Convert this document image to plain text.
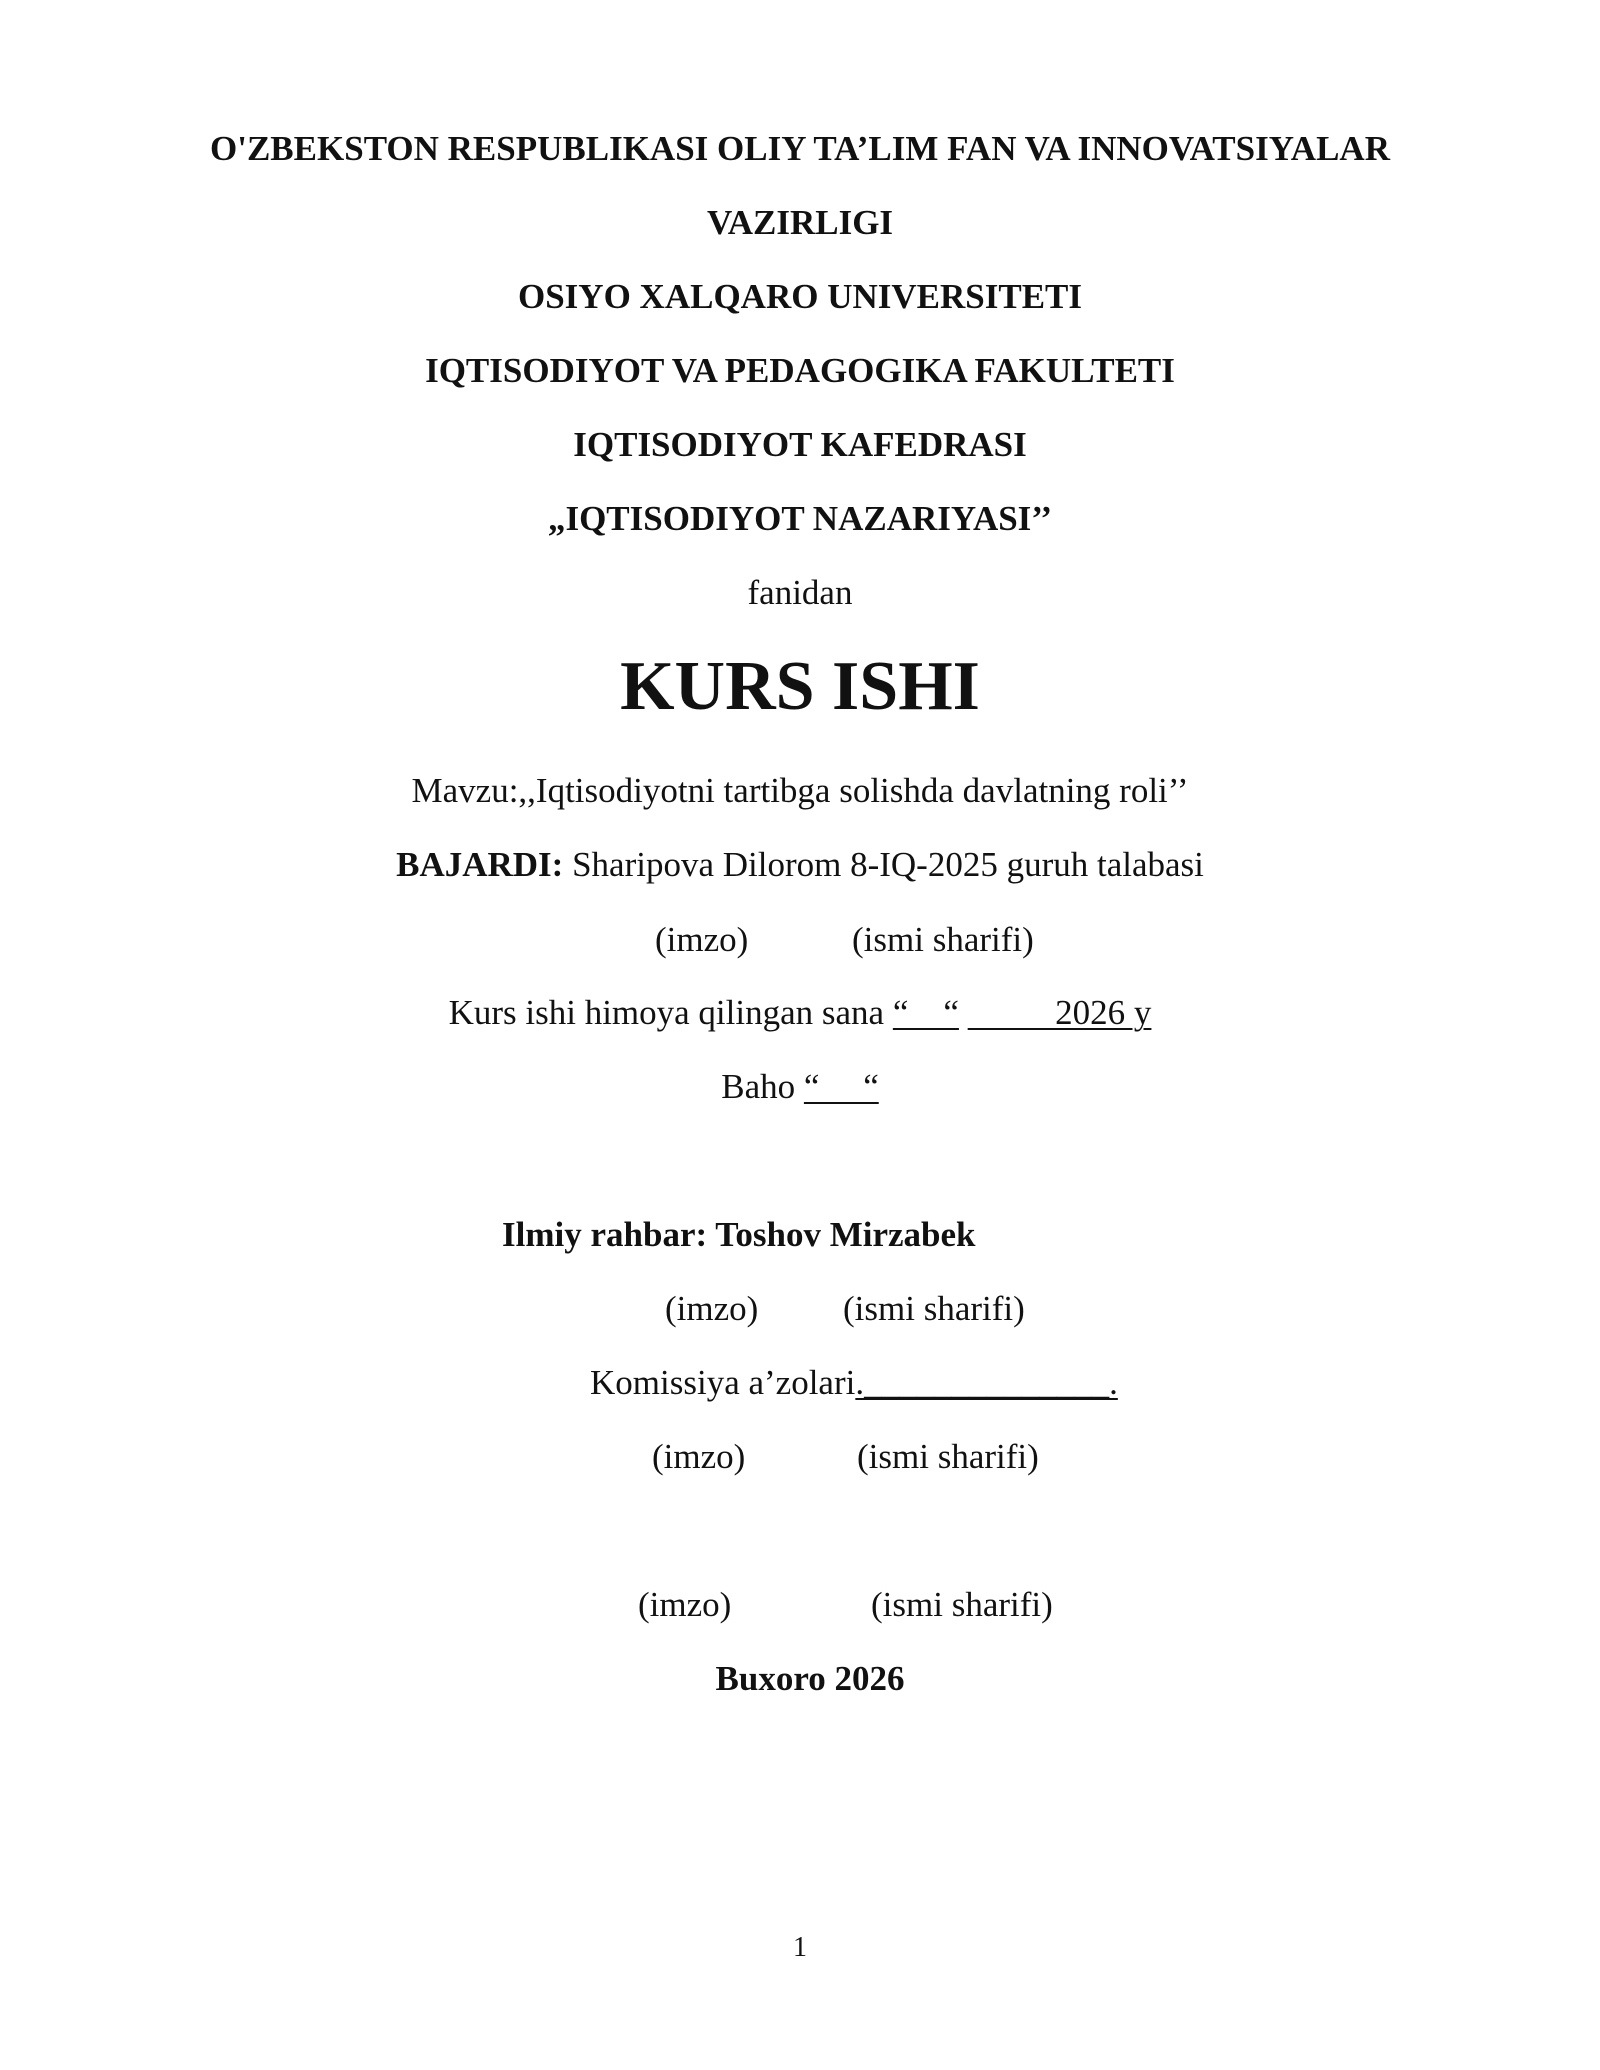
O'ZBEKSTON RESPUBLIKASI OLIY TA’LIM FAN VA INNOVATSIYALAR
VAZIRLIGI
OSIYO XALQARO UNIVERSITETI
IQTISODIYOT VA PEDAGOGIKA FAKULTETI
IQTISODIYOT KAFEDRASI
„IQTISODIYOT NAZARIYASI’’
fanidan
KURS ISHI
Mavzu:,,Iqtisodiyotni tartibga solishda davlatning roli’’
BAJARDI: Sharipova Dilorom 8-IQ-2025 guruh talabasi
(imzo)	(ismi sharifi)
Kurs ishi himoya qilingan sana “    “           2026 y
Baho “     “
Ilmiy rahbar: Toshov Mirzabek
(imzo) (ismi sharifi)
Komissiya a’zolari.______________.
(imzo)	(ismi sharifi)
(imzo)	(ismi sharifi)
Buxoro 2026
1
